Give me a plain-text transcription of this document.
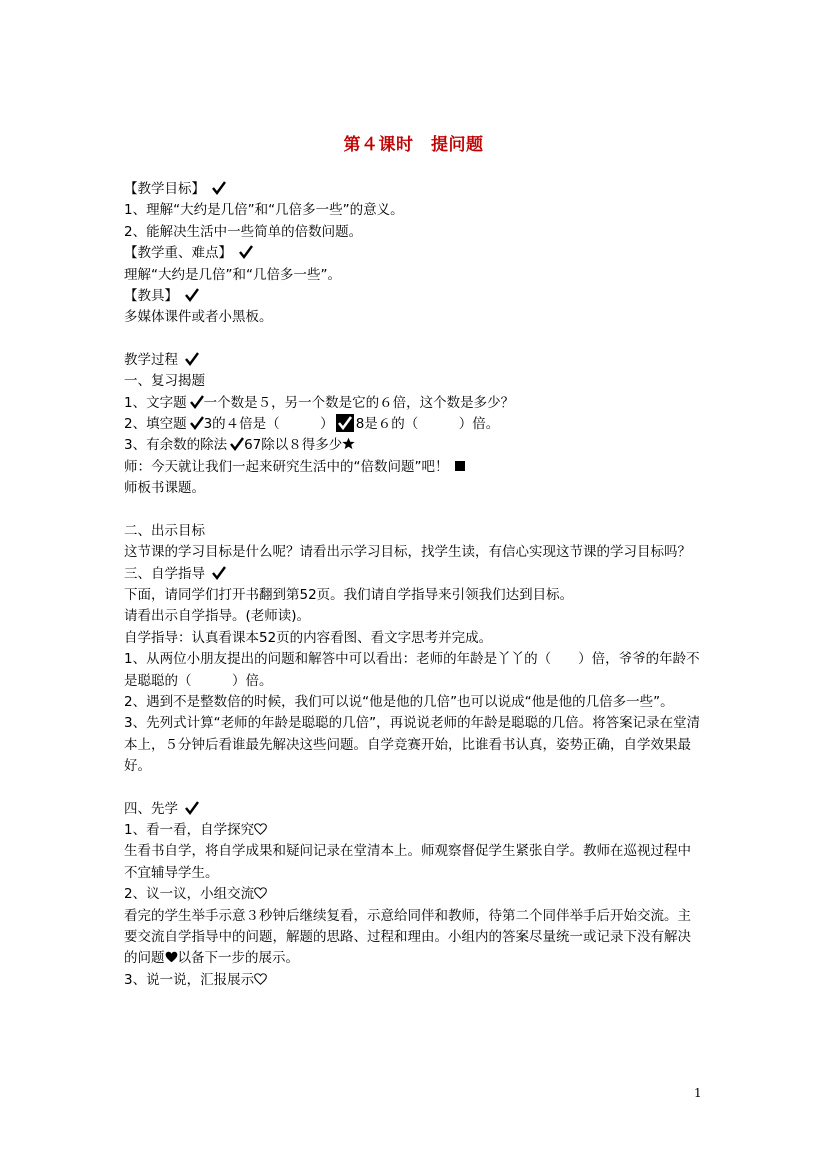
第４课时　提问题
【教学目标】
1、理解“大约是几倍”和“几倍多一些”的意义。
2、能解决生活中一些简单的倍数问题。
【教学重、难点】
理解“大约是几倍”和“几倍多一些”。
【教具】
多媒体课件或者小黑板。
教学过程
一、复习揭题
1、文字题 一个数是５，另一个数是它的６倍，这个数是多少？
2、填空题 3的４倍是（　　　） 8是６的（　　　）倍。
3、有余数的除法 67除以８得多少
师：今天就让我们一起来研究生活中的“倍数问题”吧！
师板书课题。
二、出示目标
这节课的学习目标是什么呢？请看出示学习目标，找学生读，有信心实现这节课的学习目标吗？
三、自学指导
下面，请同学们打开书翻到第52页。我们请自学指导来引领我们达到目标。
请看出示自学指导。(老师读)。
自学指导：认真看课本52页的内容看图、看文字思考并完成。
1、从两位小朋友提出的问题和解答中可以看出：老师的年龄是丫丫的（　　）倍，爷爷的年龄不是聪聪的（　　　）倍。
2、遇到不是整数倍的时候，我们可以说“他是他的几倍”也可以说成“他是他的几倍多一些”。
3、先列式计算“老师的年龄是聪聪的几倍”，再说说老师的年龄是聪聪的几倍。将答案记录在堂清本上，５分钟后看谁最先解决这些问题。自学竞赛开始，比谁看书认真，姿势正确，自学效果最好。
四、先学
1、看一看，自学探究
生看书自学，将自学成果和疑问记录在堂清本上。师观察督促学生紧张自学。教师在巡视过程中不宜辅导学生。
2、议一议，小组交流
看完的学生举手示意３秒钟后继续复看，示意给同伴和教师，待第二个同伴举手后开始交流。主要交流自学指导中的问题，解题的思路、过程和理由。小组内的答案尽量统一或记录下没有解决的问题 以备下一步的展示。
3、说一说，汇报展示
1
